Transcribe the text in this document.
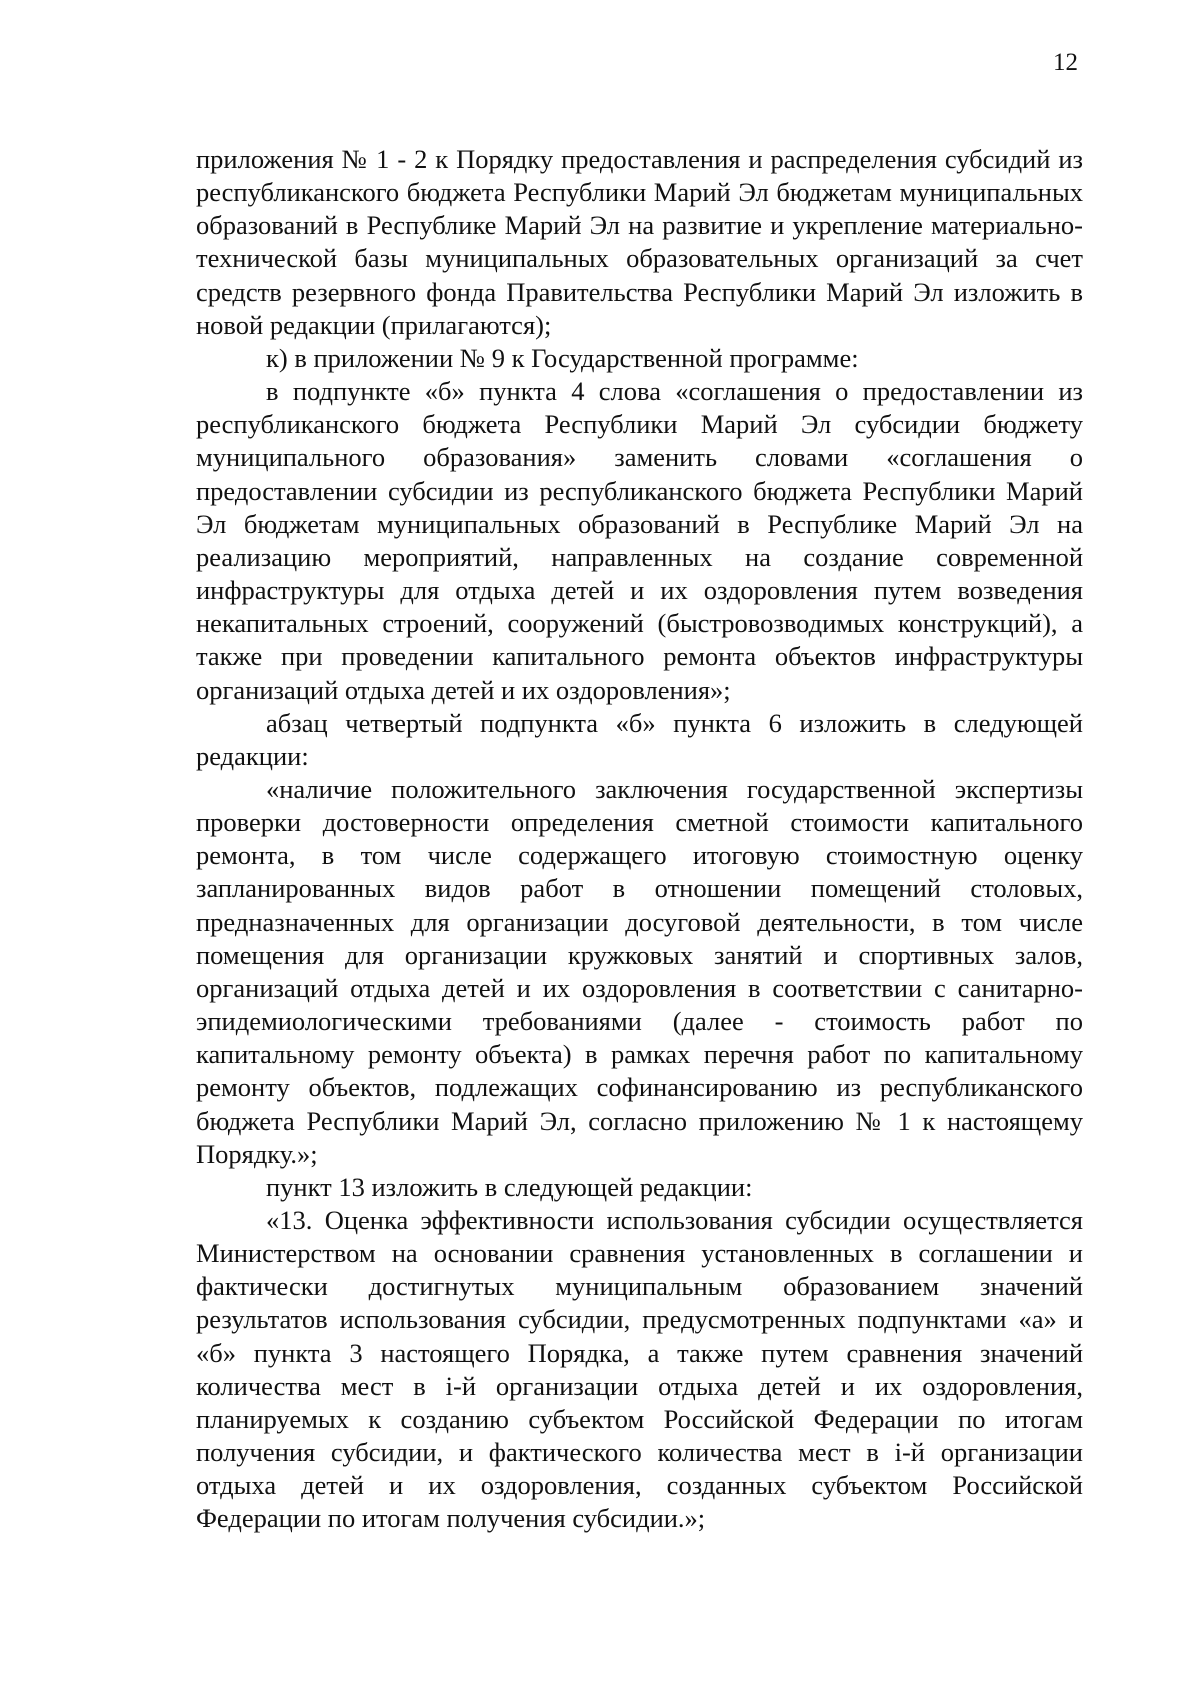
12

приложения № 1 - 2 к Порядку предоставления и распределения субсидий из республиканского бюджета Республики Марий Эл бюджетам муниципальных образований в Республике Марий Эл на развитие и укрепление материально-технической базы муниципальных образовательных организаций за счет средств резервного фонда Правительства Республики Марий Эл изложить в новой редакции (прилагаются);

к) в приложении № 9 к Государственной программе:

в подпункте «б» пункта 4 слова «соглашения о предоставлении из республиканского бюджета Республики Марий Эл субсидии бюджету муниципального образования» заменить словами «соглашения о предоставлении субсидии из республиканского бюджета Республики Марий Эл бюджетам муниципальных образований в Республике Марий Эл на реализацию мероприятий, направленных на создание современной инфраструктуры для отдыха детей и их оздоровления путем возведения некапитальных строений, сооружений (быстровозводимых конструкций), а также при проведении капитального ремонта объектов инфраструктуры организаций отдыха детей и их оздоровления»;

абзац четвертый подпункта «б» пункта 6 изложить в следующей редакции:

«наличие положительного заключения государственной экспертизы проверки достоверности определения сметной стоимости капитального ремонта, в том числе содержащего итоговую стоимостную оценку запланированных видов работ в отношении помещений столовых, предназначенных для организации досуговой деятельности, в том числе помещения для организации кружковых занятий и спортивных залов, организаций отдыха детей и их оздоровления в соответствии с санитарно-эпидемиологическими требованиями (далее - стоимость работ по капитальному ремонту объекта) в рамках перечня работ по капитальному ремонту объектов, подлежащих софинансированию из республиканского бюджета Республики Марий Эл, согласно приложению № 1 к настоящему Порядку.»;

пункт 13 изложить в следующей редакции:

«13. Оценка эффективности использования субсидии осуществляется Министерством на основании сравнения установленных в соглашении и фактически достигнутых муниципальным образованием значений результатов использования субсидии, предусмотренных подпунктами «а» и «б» пункта 3 настоящего Порядка, а также путем сравнения значений количества мест в i-й организации отдыха детей и их оздоровления, планируемых к созданию субъектом Российской Федерации по итогам получения субсидии, и фактического количества мест в i-й организации отдыха детей и их оздоровления, созданных субъектом Российской Федерации по итогам получения субсидии.»;
